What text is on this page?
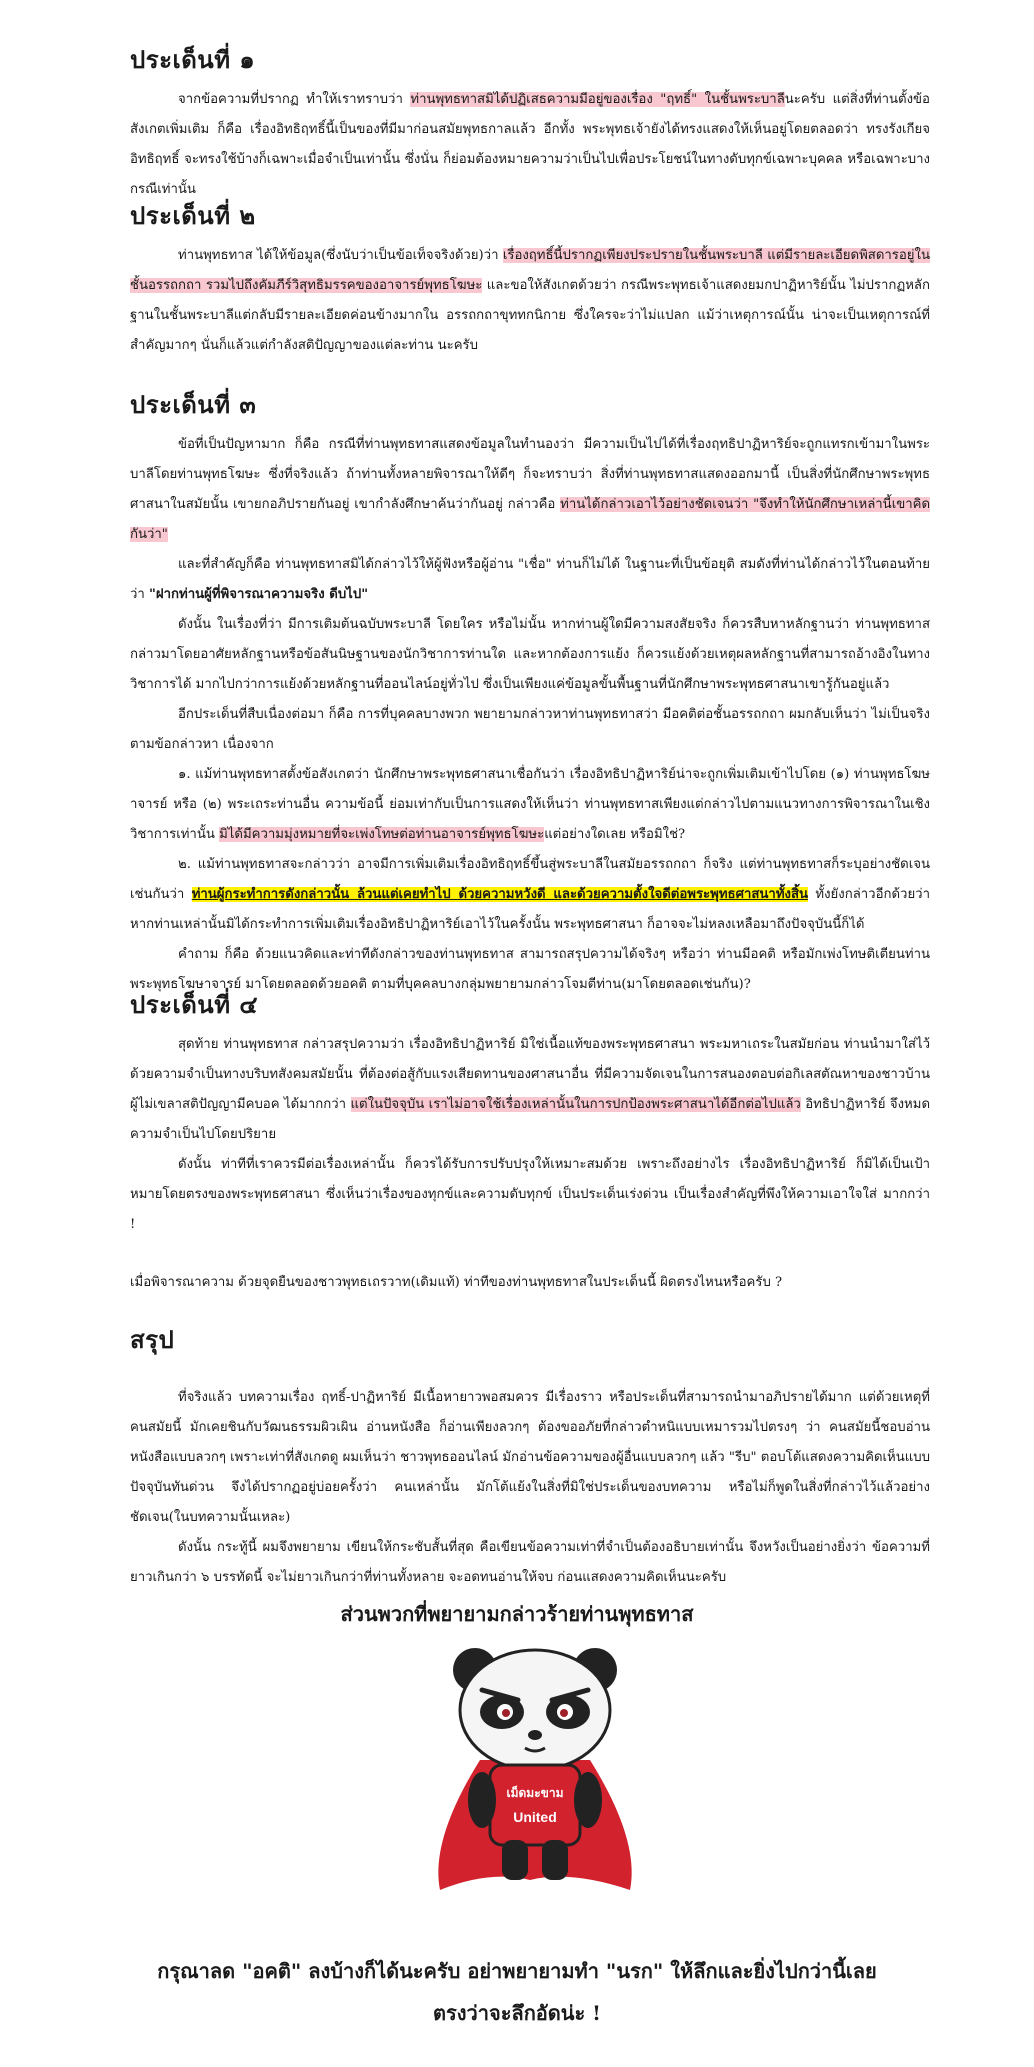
ประเด็นที่ ๑

จากข้อความที่ปรากฏ ทำให้เราทราบว่า ท่านพุทธทาสมิได้ปฏิเสธความมีอยู่ของเรื่อง "ฤทธิ์" ในชั้นพระบาลีนะครับ แต่สิ่งที่ท่านตั้งข้อสังเกตเพิ่มเติม ก็คือ เรื่องอิทธิฤทธิ์นี้เป็นของที่มีมาก่อนสมัยพุทธกาลแล้ว อีกทั้ง พระพุทธเจ้ายังได้ทรงแสดงให้เห็นอยู่โดยตลอดว่า ทรงรังเกียจอิทธิฤทธิ์ จะทรงใช้บ้างก็เฉพาะเมื่อจำเป็นเท่านั้น ซึ่งนั่น ก็ย่อมต้องหมายความว่าเป็นไปเพื่อประโยชน์ในทางดับทุกข์เฉพาะบุคคล หรือเฉพาะบางกรณีเท่านั้น

ประเด็นที่ ๒

ท่านพุทธทาส ได้ให้ข้อมูล(ซึ่งนับว่าเป็นข้อเท็จจริงด้วย)ว่า เรื่องฤทธิ์นี้ปรากฏเพียงประปรายในชั้นพระบาลี แต่มีรายละเอียดพิสดารอยู่ในชั้นอรรถกถา รวมไปถึงคัมภีร์วิสุทธิมรรคของอาจารย์พุทธโฆษะ และขอให้สังเกตด้วยว่า กรณีพระพุทธเจ้าแสดงยมกปาฏิหาริย์นั้น ไม่ปรากฏหลักฐานในชั้นพระบาลีแต่กลับมีรายละเอียดค่อนข้างมากใน อรรถกถาขุททกนิกาย ซึ่งใครจะว่าไม่แปลก แม้ว่าเหตุการณ์นั้น น่าจะเป็นเหตุการณ์ที่สำคัญมากๆ นั่นก็แล้วแต่กำลังสติปัญญาของแต่ละท่าน นะครับ

ประเด็นที่ ๓

ข้อที่เป็นปัญหามาก ก็คือ กรณีที่ท่านพุทธทาสแสดงข้อมูลในทำนองว่า มีความเป็นไปได้ที่เรื่องฤทธิปาฏิหาริย์จะถูกแทรกเข้ามาในพระบาลีโดยท่านพุทธโฆษะ ซึ่งที่จริงแล้ว ถ้าท่านทั้งหลายพิจารณาให้ดีๆ ก็จะทราบว่า สิ่งที่ท่านพุทธทาสแสดงออกมานี้ เป็นสิ่งที่นักศึกษาพระพุทธศาสนาในสมัยนั้น เขายกอภิปรายกันอยู่ เขากำลังศึกษาค้นว่ากันอยู่ กล่าวคือ ท่านได้กล่าวเอาไว้อย่างชัดเจนว่า "จึงทำให้นักศึกษาเหล่านี้เขาคิดกันว่า"

และที่สำคัญก็คือ ท่านพุทธทาสมิได้กล่าวไว้ให้ผู้ฟังหรือผู้อ่าน "เชื่อ" ท่านก็ไม่ได้ ในฐานะที่เป็นข้อยุติ สมดังที่ท่านได้กล่าวไว้ในตอนท้ายว่า "ฝากท่านผู้ที่พิจารณาความจริง ดีบไป"

ดังนั้น ในเรื่องที่ว่า มีการเติมต้นฉบับพระบาลี โดยใคร หรือไม่นั้น หากท่านผู้ใดมีความสงสัยจริง ก็ควรสืบหาหลักฐานว่า ท่านพุทธทาสกล่าวมาโดยอาศัยหลักฐานหรือข้อสันนิษฐานของนักวิชาการท่านใด และหากต้องการแย้ง ก็ควรแย้งด้วยเหตุผลหลักฐานที่สามารถอ้างอิงในทางวิชาการได้ มากไปกว่าการแย้งด้วยหลักฐานที่ออนไลน์อยู่ทั่วไป ซึ่งเป็นเพียงแค่ข้อมูลขั้นพื้นฐานที่นักศึกษาพระพุทธศาสนาเขารู้กันอยู่แล้ว

อีกประเด็นที่สืบเนื่องต่อมา ก็คือ การที่บุคคลบางพวก พยายามกล่าวหาท่านพุทธทาสว่า มีอคติต่อชั้นอรรถกถา ผมกลับเห็นว่า ไม่เป็นจริงตามข้อกล่าวหา เนื่องจาก

๑. แม้ท่านพุทธทาสตั้งข้อสังเกตว่า นักศึกษาพระพุทธศาสนาเชื่อกันว่า เรื่องอิทธิปาฏิหาริย์น่าจะถูกเพิ่มเติมเข้าไปโดย (๑) ท่านพุทธโฆษาจารย์ หรือ (๒) พระเถระท่านอื่น ความข้อนี้ ย่อมเท่ากับเป็นการแสดงให้เห็นว่า ท่านพุทธทาสเพียงแต่กล่าวไปตามแนวทางการพิจารณาในเชิงวิชาการเท่านั้น มิได้มีความมุ่งหมายที่จะเพ่งโทษต่อท่านอาจารย์พุทธโฆษะแต่อย่างใดเลย หรือมิใช่?

๒. แม้ท่านพุทธทาสจะกล่าวว่า อาจมีการเพิ่มเติมเรื่องอิทธิฤทธิ์ขึ้นสู่พระบาลีในสมัยอรรถกถา ก็จริง แต่ท่านพุทธทาสก็ระบุอย่างชัดเจนเช่นกันว่า ท่านผู้กระทำการดังกล่าวนั้น ล้วนแต่เคยทำไป ด้วยความหวังดี และด้วยความตั้งใจดีต่อพระพุทธศาสนาทั้งสิ้น ทั้งยังกล่าวอีกด้วยว่า หากท่านเหล่านั้นมิได้กระทำการเพิ่มเติมเรื่องอิทธิปาฏิหาริย์เอาไว้ในครั้งนั้น พระพุทธศาสนา ก็อาจจะไม่หลงเหลือมาถึงปัจจุบันนี้ก็ได้

คำถาม ก็คือ ด้วยแนวคิดและท่าทีดังกล่าวของท่านพุทธทาส สามารถสรุปความได้จริงๆ หรือว่า ท่านมีอคติ หรือมักเพ่งโทษติเตียนท่านพระพุทธโฆษาจารย์ มาโดยตลอดด้วยอคติ ตามที่บุคคลบางกลุ่มพยายามกล่าวโจมตีท่าน(มาโดยตลอดเช่นกัน)?

ประเด็นที่ ๔

สุดท้าย ท่านพุทธทาส กล่าวสรุปความว่า เรื่องอิทธิปาฏิหาริย์ มิใช่เนื้อแท้ของพระพุทธศาสนา พระมหาเถระในสมัยก่อน ท่านนำมาใส่ไว้ด้วยความจำเป็นทางบริบทสังคมสมัยนั้น ที่ต้องต่อสู้กับแรงเสียดทานของศาสนาอื่น ที่มีความจัดเจนในการสนองตอบต่อกิเลสตัณหาของชาวบ้านผู้ไม่เขลาสติปัญญามีคบอค ได้มากกว่า แต่ในปัจจุบัน เราไม่อาจใช้เรื่องเหล่านั้นในการปกป้องพระศาสนาได้อีกต่อไปแล้ว อิทธิปาฏิหาริย์ จึงหมดความจำเป็นไปโดยปริยาย

ดังนั้น ท่าทีที่เราควรมีต่อเรื่องเหล่านั้น ก็ควรได้รับการปรับปรุงให้เหมาะสมด้วย เพราะถึงอย่างไร เรื่องอิทธิปาฏิหาริย์ ก็มิได้เป็นเป้าหมายโดยตรงของพระพุทธศาสนา ซึ่งเห็นว่าเรื่องของทุกข์และความดับทุกข์ เป็นประเด็นเร่งด่วน เป็นเรื่องสำคัญที่พึงให้ความเอาใจใส่ มากกว่า !

เมื่อพิจารณาความ ด้วยจุดยืนของชาวพุทธเถรวาท(เดิมแท้) ท่าทีของท่านพุทธทาสในประเด็นนี้ ผิดตรงไหนหรือครับ ?

สรุป

ที่จริงแล้ว บทความเรื่อง ฤทธิ์-ปาฏิหาริย์ มีเนื้อหายาวพอสมควร มีเรื่องราว หรือประเด็นที่สามารถนำมาอภิปรายได้มาก แต่ด้วยเหตุที่คนสมัยนี้ มักเคยชินกับวัฒนธรรมผิวเผิน อ่านหนังสือ ก็อ่านเพียงลวกๆ ต้องขออภัยที่กล่าวตำหนิแบบเหมารวมไปตรงๆ ว่า คนสมัยนี้ชอบอ่านหนังสือแบบลวกๆ เพราะเท่าที่สังเกตดู ผมเห็นว่า ชาวพุทธออนไลน์ มักอ่านข้อความของผู้อื่นแบบลวกๆ แล้ว "รีบ" ตอบโต้แสดงความคิดเห็นแบบปัจจุบันทันด่วน จึงได้ปรากฏอยู่บ่อยครั้งว่า คนเหล่านั้น มักโต้แย้งในสิ่งที่มิใช่ประเด็นของบทความ หรือไม่ก็พูดในสิ่งที่กล่าวไว้แล้วอย่างชัดเจน(ในบทความนั้นเหละ)

ดังนั้น กระทู้นี้ ผมจึงพยายาม เขียนให้กระชับสั้นที่สุด คือเขียนข้อความเท่าที่จำเป็นต้องอธิบายเท่านั้น จึงหวังเป็นอย่างยิ่งว่า ข้อความที่ยาวเกินกว่า ๖ บรรทัดนี้ จะไม่ยาวเกินกว่าที่ท่านทั้งหลาย จะอดทนอ่านให้จบ ก่อนแสดงความคิดเห็นนะครับ

ส่วนพวกที่พยายามกล่าวร้ายท่านพุทธทาส
เม็ดมะขาม
United
กรุณาลด "อคติ" ลงบ้างก็ได้นะครับ อย่าพยายามทำ "นรก" ให้ลึกและยิ่งไปกว่านี้เลย
ตรงว่าจะลึกอัดน่ะ !
